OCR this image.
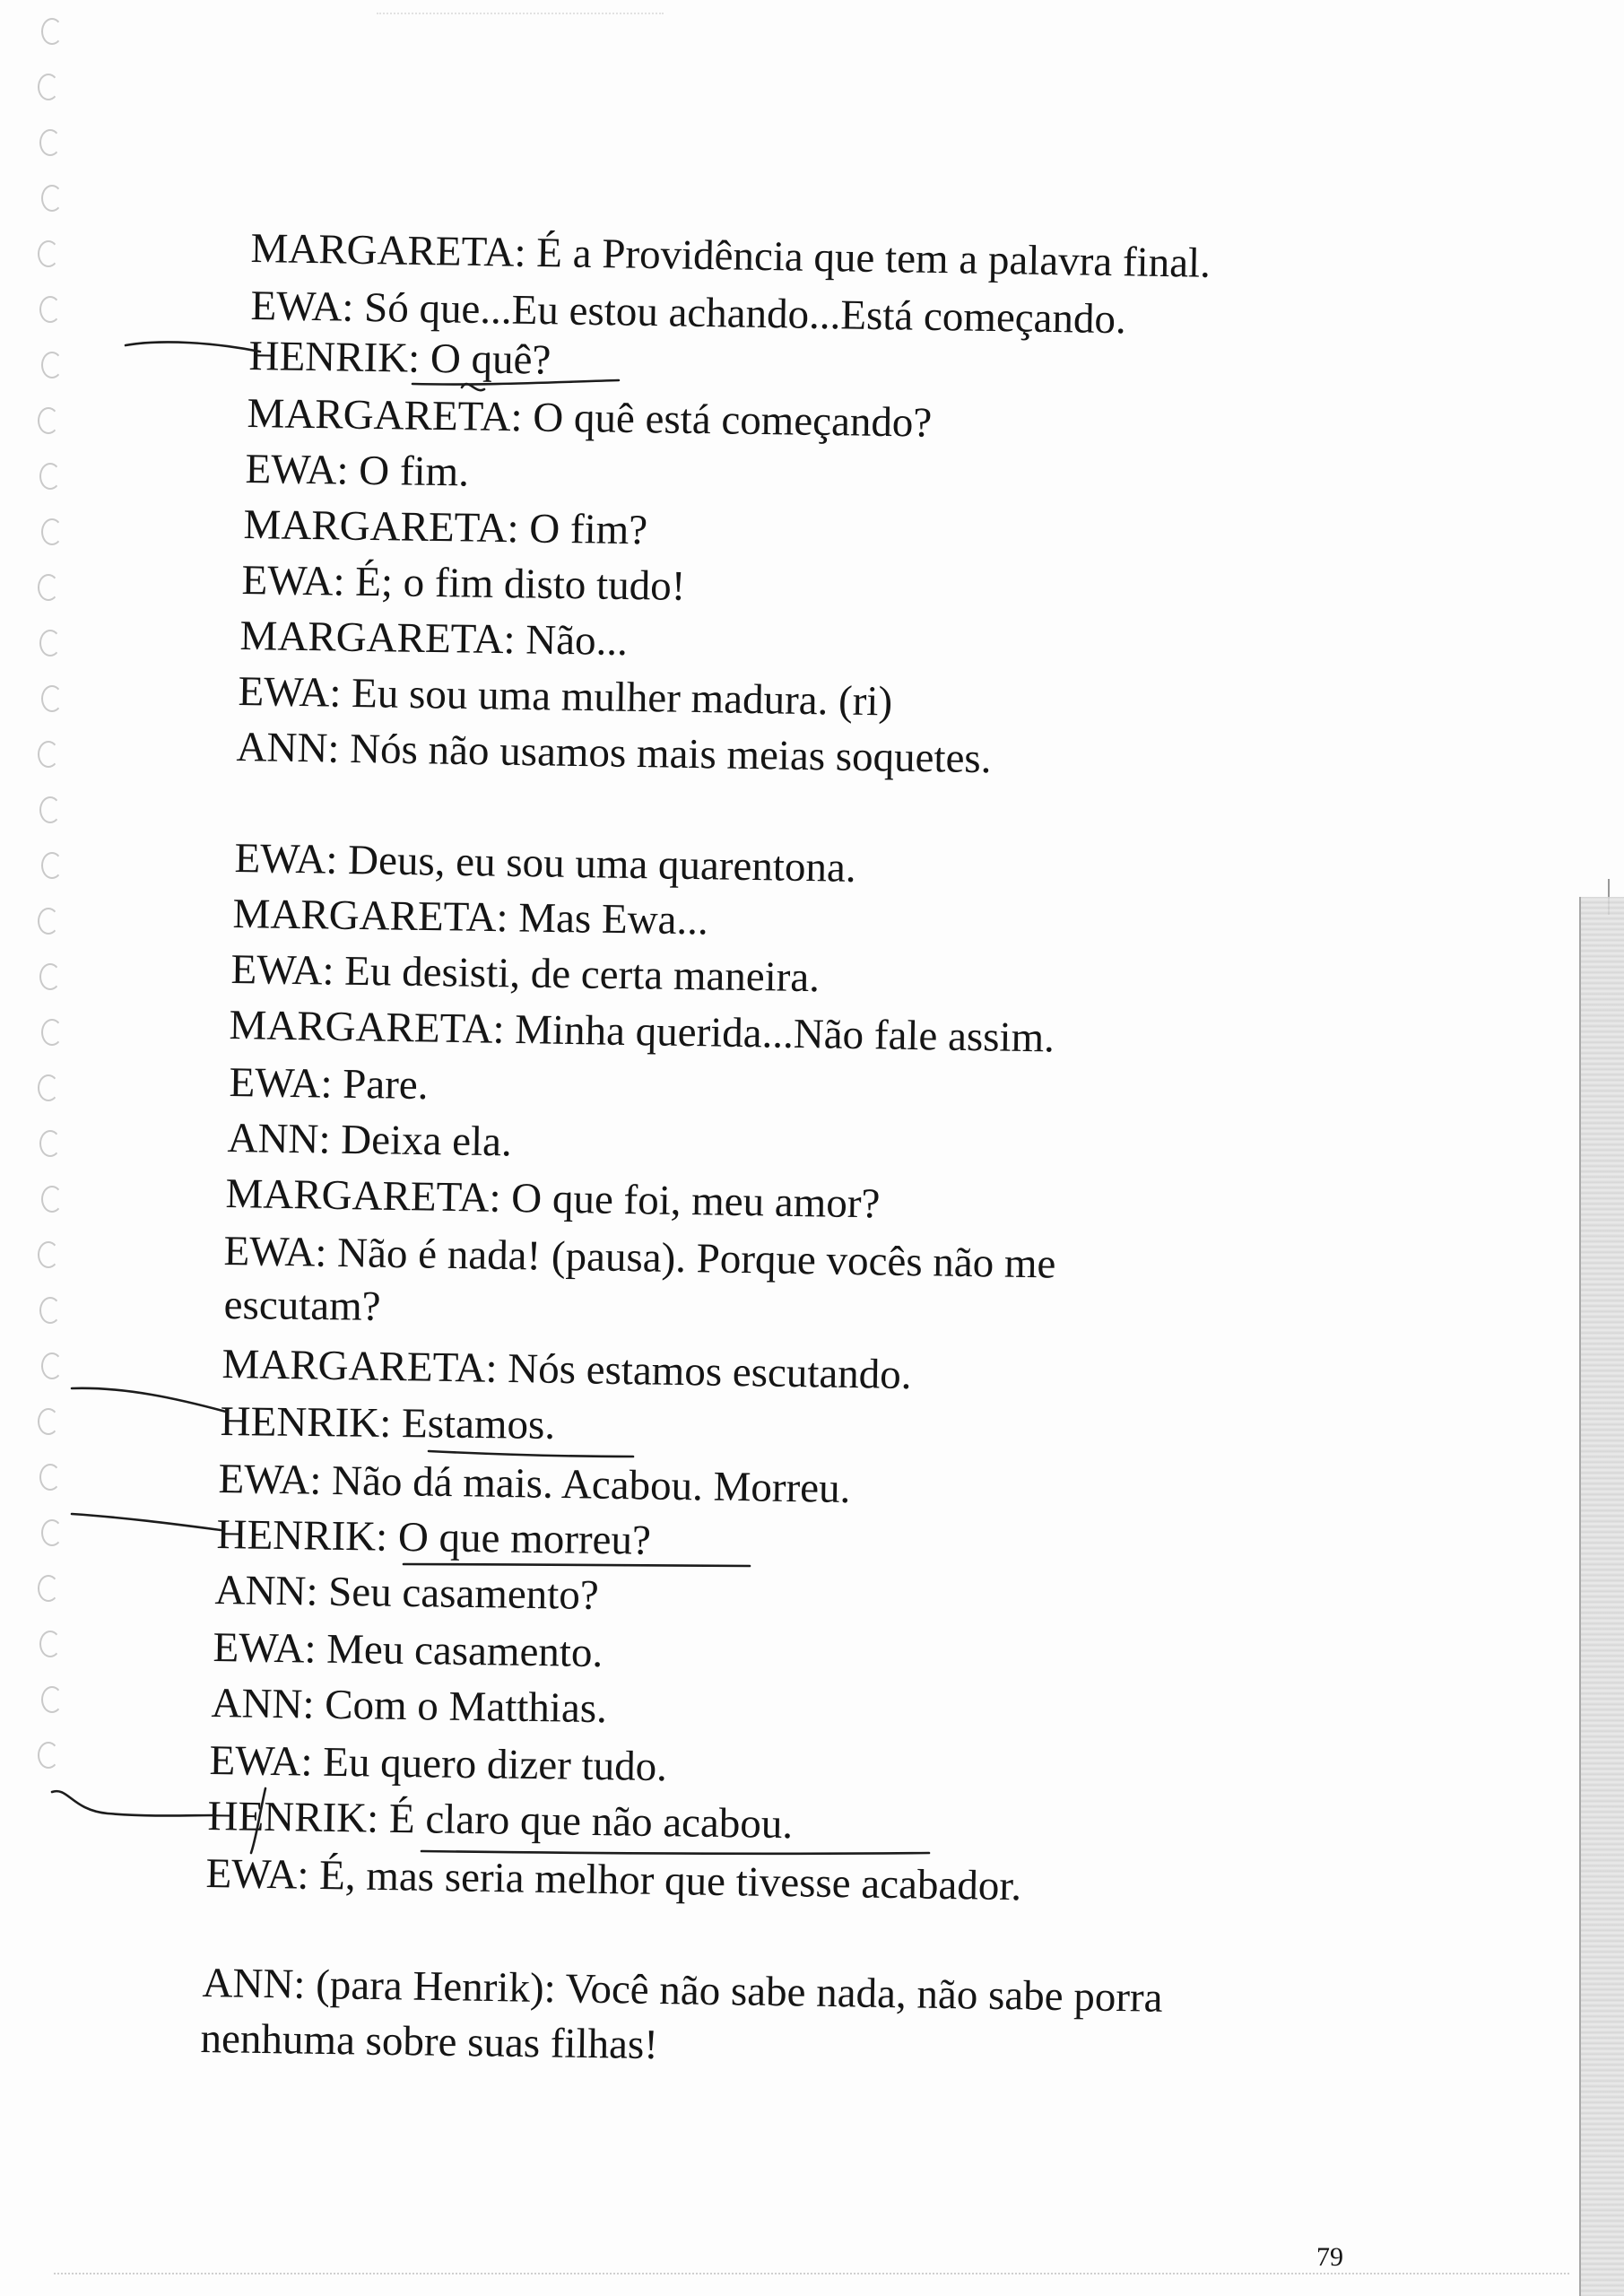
MARGARETA: É a Providência que tem a palavra final.
EWA: Só que...Eu estou achando...Está começando.
HENRIK: O quê?
MARGARETA: O quê está começando?
EWA: O fim.
MARGARETA: O fim?
EWA: É; o fim disto tudo!
MARGARETA: Não...
EWA: Eu sou uma mulher madura. (ri)
ANN: Nós não usamos mais meias soquetes.
EWA: Deus, eu sou uma quarentona.
MARGARETA: Mas Ewa...
EWA: Eu desisti, de certa maneira.
MARGARETA: Minha querida...Não fale assim.
EWA: Pare.
ANN: Deixa ela.
MARGARETA: O que foi, meu amor?
EWA: Não é nada! (pausa). Porque vocês não me
escutam?
MARGARETA: Nós estamos escutando.
HENRIK: Estamos.
EWA: Não dá mais. Acabou. Morreu.
HENRIK: O que morreu?
ANN: Seu casamento?
EWA: Meu casamento.
ANN: Com o Matthias.
EWA: Eu quero dizer tudo.
HENRIK: É claro que não acabou.
EWA: É, mas seria melhor que tivesse acabador.
ANN: (para Henrik): Você não sabe nada, não sabe porra
nenhuma sobre suas filhas!
79
